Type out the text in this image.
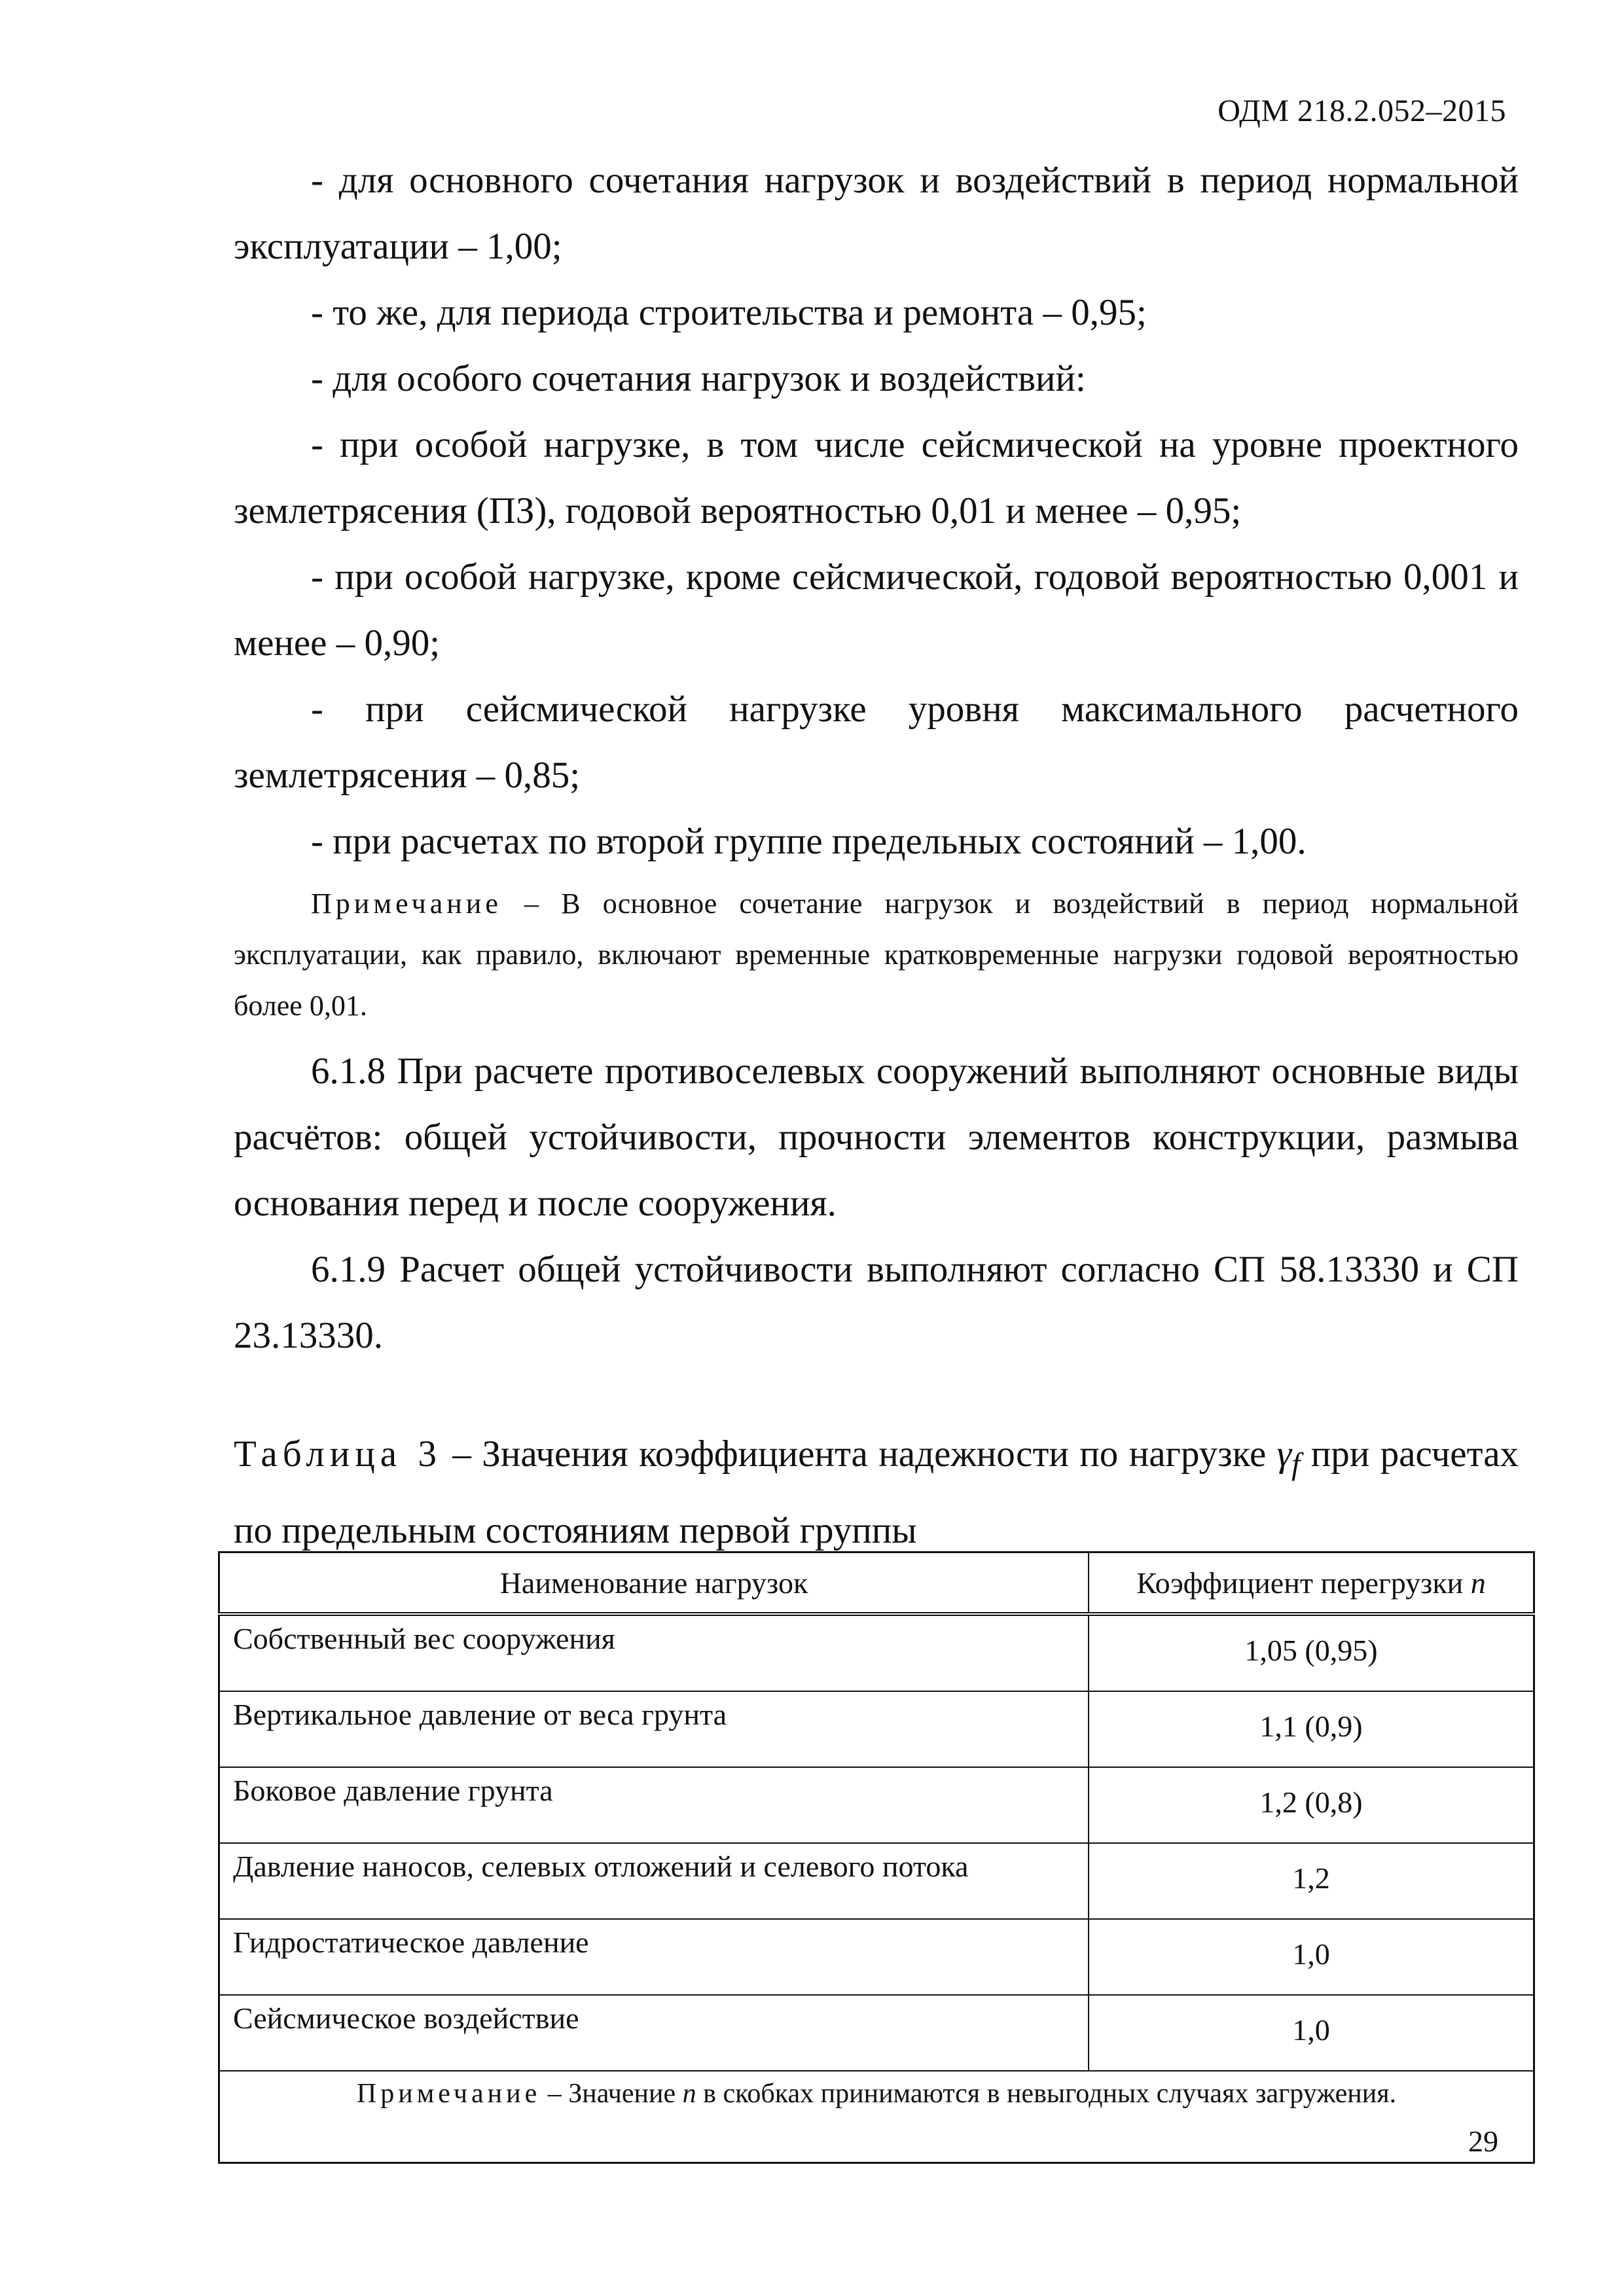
ОДМ 218.2.052–2015

- для основного сочетания нагрузок и воздействий в период нормальной эксплуатации – 1,00;

- то же, для периода строительства и ремонта – 0,95;

- для особого сочетания нагрузок и воздействий:

- при особой нагрузке, в том числе сейсмической на уровне проектного землетрясения (ПЗ), годовой вероятностью 0,01 и менее – 0,95;

- при особой нагрузке, кроме сейсмической, годовой вероятностью 0,001 и менее – 0,90;

- при сейсмической нагрузке уровня максимального расчетного землетрясения – 0,85;

- при расчетах по второй группе предельных состояний – 1,00.

Примечание – В основное сочетание нагрузок и воздействий в период нормальной эксплуатации, как правило, включают временные кратковременные нагрузки годовой вероятностью более 0,01.

6.1.8 При расчете противоселевых сооружений выполняют основные виды расчётов: общей устойчивости, прочности элементов конструкции, размыва основания перед и после сооружения.

6.1.9 Расчет общей устойчивости выполняют согласно СП 58.13330 и СП 23.13330.

Таблица 3 – Значения коэффициента надежности по нагрузке $\gamma_f$ при расчетах по предельным состояниям первой группы

Наименование нагрузок	Коэффициент перегрузки n
Собственный вес сооружения	1,05 (0,95)
Вертикальное давление от веса грунта	1,1 (0,9)
Боковое давление грунта	1,2 (0,8)
Давление наносов, селевых отложений и селевого потока	1,2
Гидростатическое давление	1,0
Сейсмическое воздействие	1,0
Примечание – Значение n в скобках принимаются в невыгодных случаях загружения.	
29
